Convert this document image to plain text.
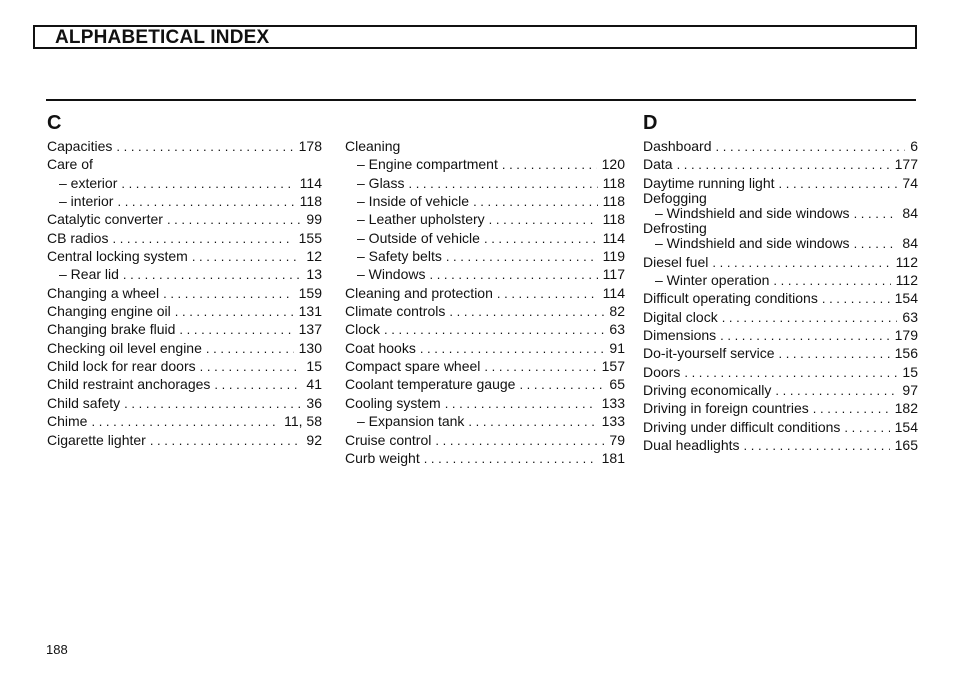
ALPHABETICAL INDEX
C
Capacities . . .	178
Care of
– exterior . . .	114
– interior . . .	118
Catalytic converter . . .	99
CB radios . . .	155
Central locking system . . .	12
– Rear lid . . .	13
Changing a wheel . . .	159
Changing engine oil . . .	131
Changing brake fluid . . .	137
Checking oil level engine . . .	130
Child lock for rear doors . . .	15
Child restraint anchorages . . .	41
Child safety . . .	36
Chime . . .	11, 58
Cigarette lighter . . .	92
Cleaning
– Engine compartment . . .	120
– Glass . . .	118
– Inside of vehicle . . .	118
– Leather upholstery . . .	118
– Outside of vehicle . . .	114
– Safety belts . . .	119
– Windows . . .	117
Cleaning and protection . . .	114
Climate controls . . .	82
Clock . . .	63
Coat hooks . . .	91
Compact spare wheel . . .	157
Coolant temperature gauge . . .	65
Cooling system . . .	133
– Expansion tank . . .	133
Cruise control . . .	79
Curb weight . . .	181
D
Dashboard . . .	6
Data . . .	177
Daytime running light . . .	74
Defogging
– Windshield and side windows . . .	84
Defrosting
– Windshield and side windows . . .	84
Diesel fuel . . .	112
– Winter operation . . .	112
Difficult operating conditions . . .	154
Digital clock . . .	63
Dimensions . . .	179
Do-it-yourself service . . .	156
Doors . . .	15
Driving economically . . .	97
Driving in foreign countries . . .	182
Driving under difficult conditions . . .	154
Dual headlights . . .	165
188
